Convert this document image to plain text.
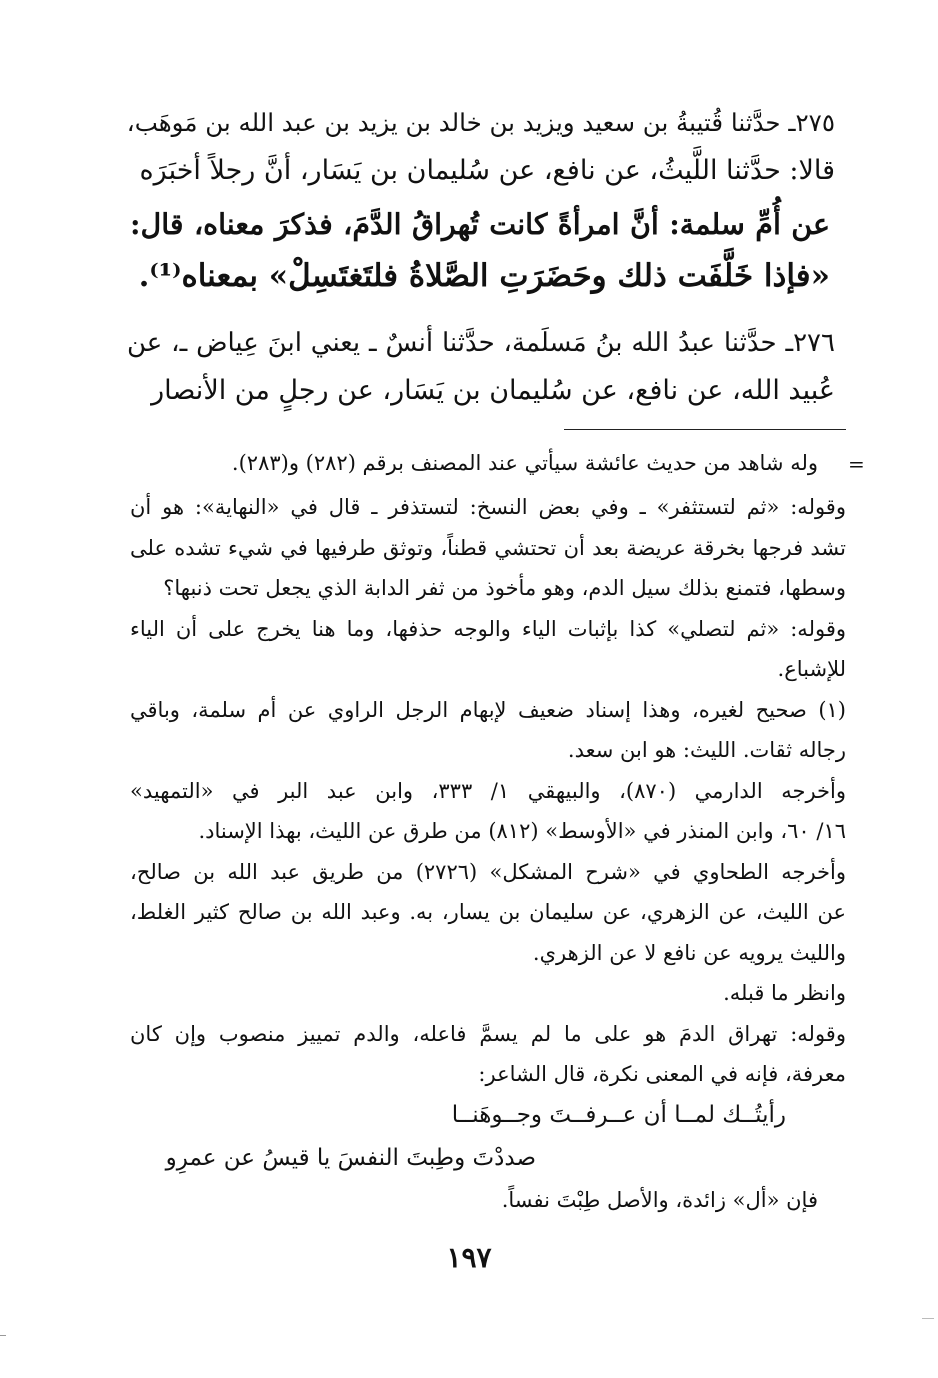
٢٧٥ـ حدَّثنا قُتيبةُ بن سعيد ويزيد بن خالد بن يزيد بن عبد الله بن مَوهَب،
قالا: حدَّثنا اللَّيثُ، عن نافع، عن سُليمان بن يَسَار، أنَّ رجلاً أخبَرَه
عن أُمِّ سلمة: أنَّ امرأةً كانت تُهراقُ الدَّمَ، فذكرَ معناه، قال:
«فإذا خَلَّفَت ذلك وحَضَرَتِ الصَّلاةُ فلتَغتَسِلْ» بمعناه⁽¹⁾.
٢٧٦ـ حدَّثنا عبدُ الله بنُ مَسلَمة، حدَّثنا أنسٌ ـ يعني ابنَ عِياض ـ، عن
عُبيد الله، عن نافع، عن سُليمان بن يَسَار، عن رجلٍ من الأنصار
=
وله شاهد من حديث عائشة سيأتي عند المصنف برقم (٢٨٢) و(٢٨٣).
وقوله: «ثم لتستثفر» ـ وفي بعض النسخ: لتستذفر ـ قال في «النهاية»: هو أن
تشد فرجها بخرقة عريضة بعد أن تحتشي قطناً، وتوثق طرفيها في شيء تشده على
وسطها، فتمنع بذلك سيل الدم، وهو مأخوذ من ثفر الدابة الذي يجعل تحت ذنبها؟
وقوله: «ثم لتصلي» كذا بإثبات الياء والوجه حذفها، وما هنا يخرج على أن الياء
للإشباع.
(١) صحيح لغيره، وهذا إسناد ضعيف لإبهام الرجل الراوي عن أم سلمة، وباقي
رجاله ثقات. الليث: هو ابن سعد.
وأخرجه الدارمي (٨٧٠)، والبيهقي ١/ ٣٣٣، وابن عبد البر في «التمهيد»
١٦/ ٦٠، وابن المنذر في «الأوسط» (٨١٢) من طرق عن الليث، بهذا الإسناد.
وأخرجه الطحاوي في «شرح المشكل» (٢٧٢٦) من طريق عبد الله بن صالح،
عن الليث، عن الزهري، عن سليمان بن يسار، به. وعبد الله بن صالح كثير الغلط،
والليث يرويه عن نافع لا عن الزهري.
وانظر ما قبله.
وقوله: تهراق الدمَ هو على ما لم يسمَّ فاعله، والدم تمييز منصوب وإن كان
معرفة، فإنه في المعنى نكرة، قال الشاعر:
رأيتُــك لمــا أن عــرفــتَ وجــوهَنــا
صددْتَ وطِبتَ النفسَ يا قيسُ عن عمرِو
فإن «أل» زائدة، والأصل طِبْتَ نفساً.
١٩٧
